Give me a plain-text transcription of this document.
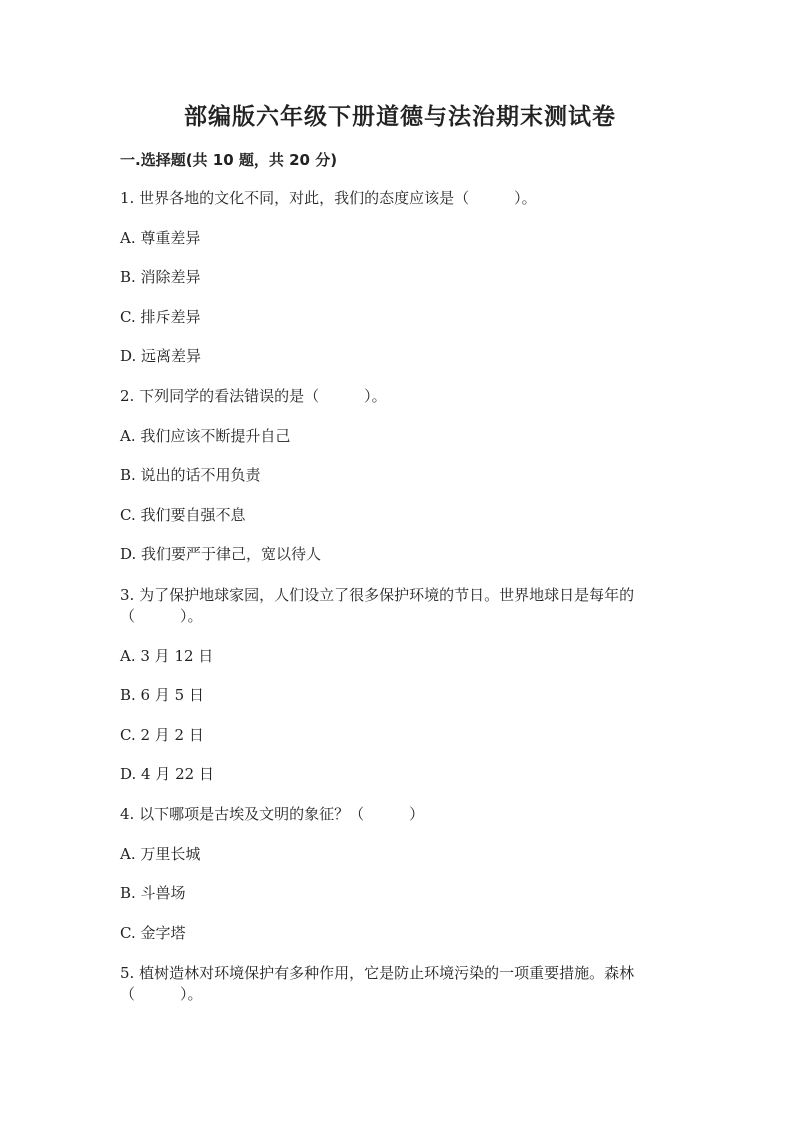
部编版六年级下册道德与法治期末测试卷
一.选择题(共 10 题，共 20 分)
1. 世界各地的文化不同，对此，我们的态度应该是（　　　）。
A. 尊重差异
B. 消除差异
C. 排斥差异
D. 远离差异
2. 下列同学的看法错误的是（　　　）。
A. 我们应该不断提升自己
B. 说出的话不用负责
C. 我们要自强不息
D. 我们要严于律己，宽以待人
3. 为了保护地球家园，人们设立了很多保护环境的节日。世界地球日是每年的
（　　　）。
A. 3 月 12 日
B. 6 月 5 日
C. 2 月 2 日
D. 4 月 22 日
4. 以下哪项是古埃及文明的象征？（　　　）
A. 万里长城
B. 斗兽场
C. 金字塔
5. 植树造林对环境保护有多种作用，它是防止环境污染的一项重要措施。森林
（　　　）。
